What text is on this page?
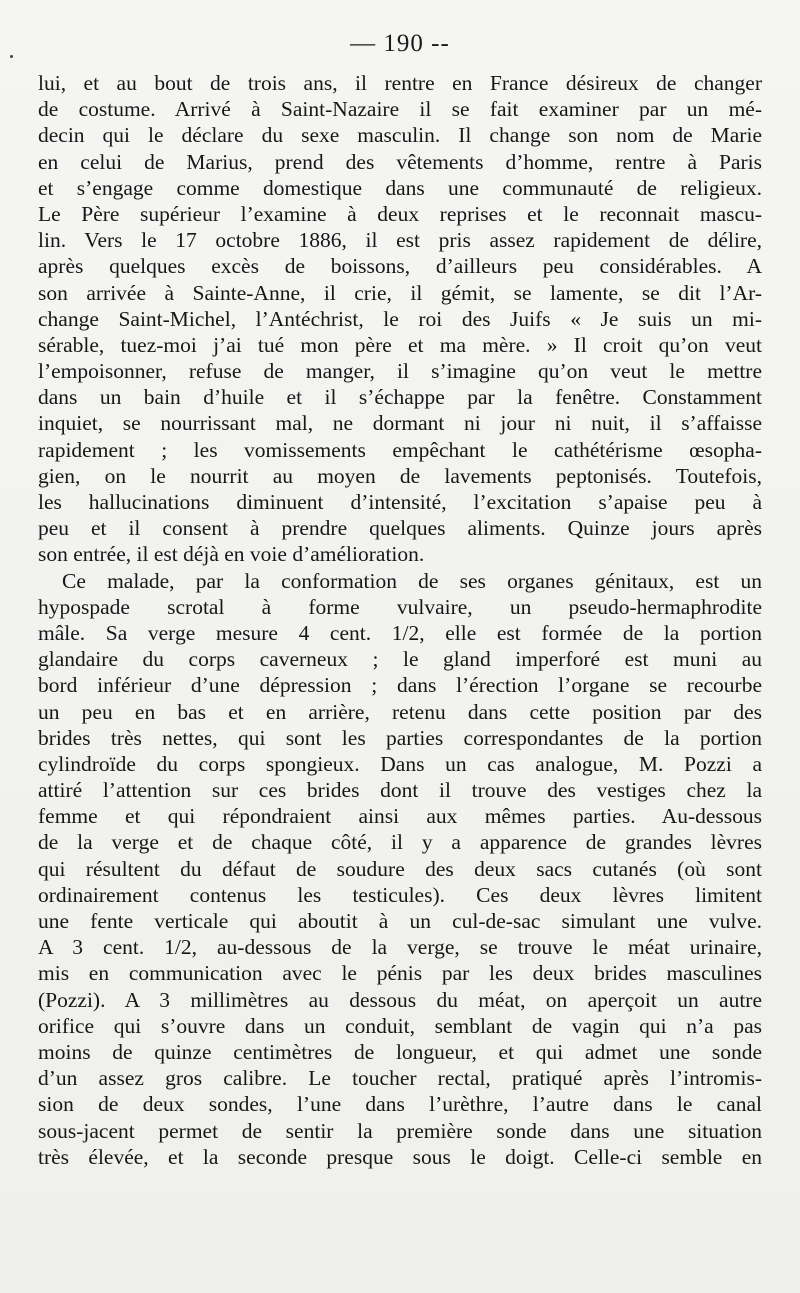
— 190 --
lui, et au bout de trois ans, il rentre en France désireux de changer
de costume. Arrivé à Saint-Nazaire il se fait examiner par un mé-
decin qui le déclare du sexe masculin. Il change son nom de Marie
en celui de Marius, prend des vêtements d’homme, rentre à Paris
et s’engage comme domestique dans une communauté de religieux.
Le Père supérieur l’examine à deux reprises et le reconnait mascu-
lin. Vers le 17 octobre 1886, il est pris assez rapidement de délire,
après quelques excès de boissons, d’ailleurs peu considérables. A
son arrivée à Sainte-Anne, il crie, il gémit, se lamente, se dit l’Ar-
change Saint-Michel, l’Antéchrist, le roi des Juifs « Je suis un mi-
sérable, tuez-moi j’ai tué mon père et ma mère. » Il croit qu’on veut
l’empoisonner, refuse de manger, il s’imagine qu’on veut le mettre
dans un bain d’huile et il s’échappe par la fenêtre. Constamment
inquiet, se nourrissant mal, ne dormant ni jour ni nuit, il s’affaisse
rapidement ; les vomissements empêchant le cathétérisme œsopha-
gien, on le nourrit au moyen de lavements peptonisés. Toutefois,
les hallucinations diminuent d’intensité, l’excitation s’apaise peu à
peu et il consent à prendre quelques aliments. Quinze jours après
son entrée, il est déjà en voie d’amélioration.
Ce malade, par la conformation de ses organes génitaux, est un
hypospade scrotal à forme vulvaire, un pseudo-hermaphrodite
mâle. Sa verge mesure 4 cent. 1/2, elle est formée de la portion
glandaire du corps caverneux ; le gland imperforé est muni au
bord inférieur d’une dépression ; dans l’érection l’organe se recourbe
un peu en bas et en arrière, retenu dans cette position par des
brides très nettes, qui sont les parties correspondantes de la portion
cylindroïde du corps spongieux. Dans un cas analogue, M. Pozzi a
attiré l’attention sur ces brides dont il trouve des vestiges chez la
femme et qui répondraient ainsi aux mêmes parties. Au-dessous
de la verge et de chaque côté, il y a apparence de grandes lèvres
qui résultent du défaut de soudure des deux sacs cutanés (où sont
ordinairement contenus les testicules). Ces deux lèvres limitent
une fente verticale qui aboutit à un cul-de-sac simulant une vulve.
A 3 cent. 1/2, au-dessous de la verge, se trouve le méat urinaire,
mis en communication avec le pénis par les deux brides masculines
(Pozzi). A 3 millimètres au dessous du méat, on aperçoit un autre
orifice qui s’ouvre dans un conduit, semblant de vagin qui n’a pas
moins de quinze centimètres de longueur, et qui admet une sonde
d’un assez gros calibre. Le toucher rectal, pratiqué après l’intromis-
sion de deux sondes, l’une dans l’urèthre, l’autre dans le canal
sous-jacent permet de sentir la première sonde dans une situation
très élevée, et la seconde presque sous le doigt. Celle-ci semble en
